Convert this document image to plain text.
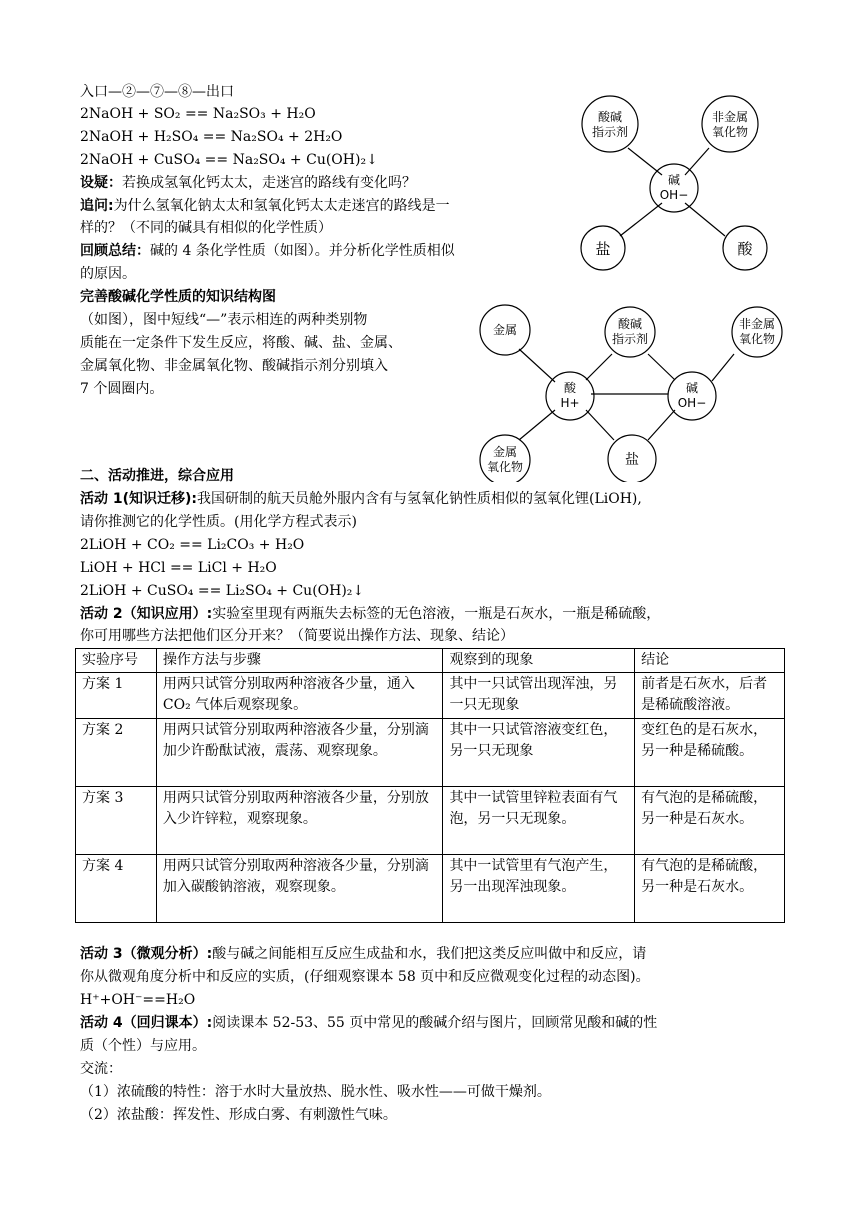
入口—②—⑦—⑧—出口
2NaOH + SO₂ == Na₂SO₃ + H₂O
2NaOH + H₂SO₄ == Na₂SO₄ + 2H₂O
2NaOH + CuSO₄ == Na₂SO₄ + Cu(OH)₂↓
设疑：若换成氢氧化钙太太，走迷宫的路线有变化吗？
追问:为什么氢氧化钠太太和氢氧化钙太太走迷宫的路线是一
样的？（不同的碱具有相似的化学性质）
回顾总结：碱的 4 条化学性质（如图）。并分析化学性质相似
的原因。
完善酸碱化学性质的知识结构图
（如图），图中短线“—”表示相连的两种类别物
质能在一定条件下发生反应，将酸、碱、盐、金属、
金属氧化物、非金属氧化物、酸碱指示剂分别填入
7 个圆圈内。
酸碱
指示剂
非金属
氧化物
碱
OH−
盐	酸
金属	酸碱
指示剂
非金属
氧化物
酸
H+
碱
OH−
金属
氧化物	盐
二、活动推进，综合应用
活动 1(知识迁移):我国研制的航天员舱外服内含有与氢氧化钠性质相似的氢氧化锂(LiOH),
请你推测它的化学性质。(用化学方程式表示)
2LiOH + CO₂ == Li₂CO₃ + H₂O
LiOH + HCl == LiCl + H₂O
2LiOH + CuSO₄ == Li₂SO₄ + Cu(OH)₂↓
活动 2（知识应用）:实验室里现有两瓶失去标签的无色溶液，一瓶是石灰水，一瓶是稀硫酸，
你可用哪些方法把他们区分开来？（简要说出操作方法、现象、结论）
实验序号	操作方法与步骤	观察到的现象	结论
方案 1	用两只试管分别取两种溶液各少量，通入 CO₂ 气体后观察现象。	其中一只试管出现浑浊，另一只无现象	前者是石灰水，后者是稀硫酸溶液。
方案 2	用两只试管分别取两种溶液各少量，分别滴加少许酚酞试液，震荡、观察现象。	其中一只试管溶液变红色，另一只无现象	变红色的是石灰水，另一种是稀硫酸。
方案 3	用两只试管分别取两种溶液各少量，分别放入少许锌粒，观察现象。	其中一试管里锌粒表面有气泡，另一只无现象。	有气泡的是稀硫酸，另一种是石灰水。
方案 4	用两只试管分别取两种溶液各少量，分别滴加入碳酸钠溶液，观察现象。	其中一试管里有气泡产生，另一出现浑浊现象。	有气泡的是稀硫酸，另一种是石灰水。
活动 3（微观分析）:酸与碱之间能相互反应生成盐和水，我们把这类反应叫做中和反应，请
你从微观角度分析中和反应的实质，(仔细观察课本 58 页中和反应微观变化过程的动态图)。
H⁺+OH⁻==H₂O
活动 4（回归课本）:阅读课本 52-53、55 页中常见的酸碱介绍与图片，回顾常见酸和碱的性
质（个性）与应用。
交流：
（1）浓硫酸的特性：溶于水时大量放热、脱水性、吸水性——可做干燥剂。
（2）浓盐酸：挥发性、形成白雾、有刺激性气味。
